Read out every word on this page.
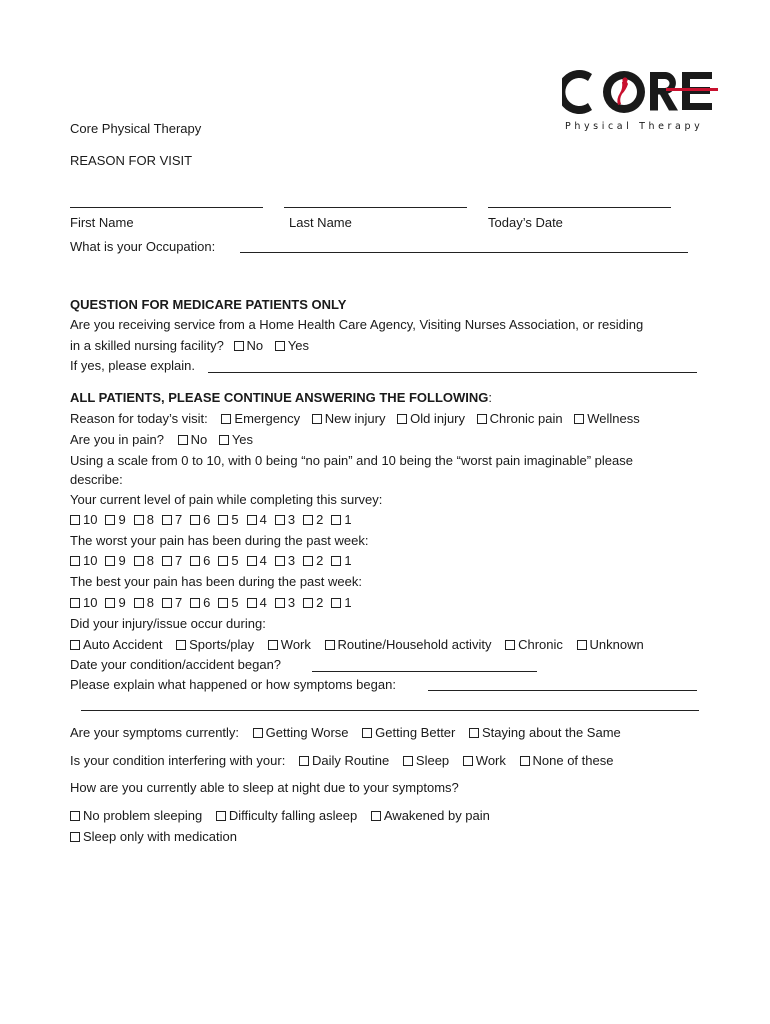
Physical Therapy
Core Physical Therapy
REASON FOR VISIT
First Name	Last Name	Today’s Date
What is your Occupation:
QUESTION FOR MEDICARE PATIENTS ONLY
Are you receiving service from a Home Health Care Agency, Visiting Nurses Association, or residing
in a skilled nursing facility? No Yes
If yes, please explain.
ALL PATIENTS, PLEASE CONTINUE ANSWERING THE FOLLOWING:
Reason for today’s visit: Emergency New injury Old injury Chronic pain Wellness
Are you in pain? No Yes
Using a scale from 0 to 10, with 0 being “no pain” and 10 being the “worst pain imaginable” please
describe:
Your current level of pain while completing this survey:
10 9 8 7 6 5 4 3 2 1
The worst your pain has been during the past week:
10 9 8 7 6 5 4 3 2 1
The best your pain has been during the past week:
10 9 8 7 6 5 4 3 2 1
Did your injury/issue occur during:
Auto Accident Sports/play Work Routine/Household activity Chronic Unknown
Date your condition/accident began?
Please explain what happened or how symptoms began:
Are your symptoms currently: Getting Worse Getting Better Staying about the Same
Is your condition interfering with your: Daily Routine Sleep Work None of these
How are you currently able to sleep at night due to your symptoms?
No problem sleeping Difficulty falling asleep Awakened by pain
Sleep only with medication
